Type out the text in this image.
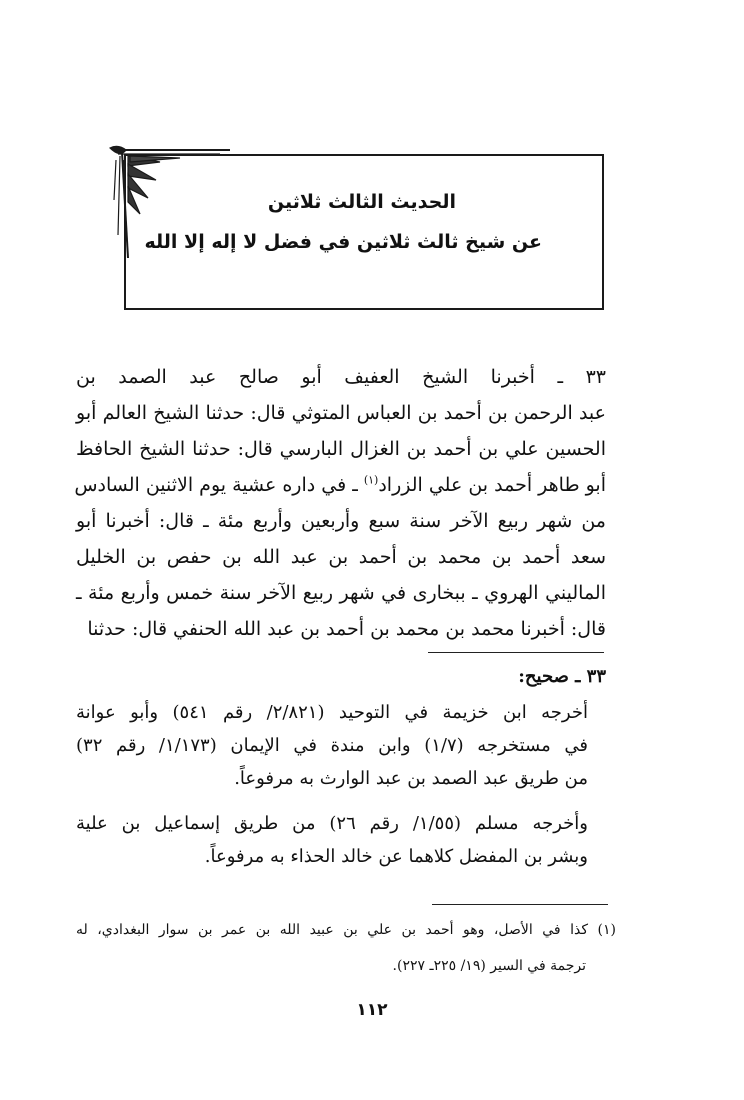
الحديث الثالث ثلاثين
عن شيخ ثالث ثلاثين في فضل لا إله إلا الله
٣٣ ـ أخبرنا الشيخ العفيف أبو صالح عبد الصمد بن
عبد الرحمن بن أحمد بن العباس المتوثي قال: حدثنا الشيخ العالم أبو
الحسين علي بن أحمد بن الغزال البارسي قال: حدثنا الشيخ الحافظ
أبو طاهر أحمد بن علي الزراد$^{(١)}$ ـ في داره عشية يوم الاثنين السادس
من شهر ربيع الآخر سنة سبع وأربعين وأربع مئة ـ قال: أخبرنا أبو
سعد أحمد بن محمد بن أحمد بن عبد الله بن حفص بن الخليل
الماليني الهروي ـ ببخارى في شهر ربيع الآخر سنة خمس وأربع مئة ـ
قال: أخبرنا محمد بن محمد بن أحمد بن عبد الله الحنفي قال: حدثنا
٣٣ ـ صحيح:
أخرجه ابن خزيمة في التوحيد (٢/٨٢١/ رقم ٥٤١) وأبو عوانة
في مستخرجه (١/٧) وابن مندة في الإيمان (١/١٧٣/ رقم ٣٢)
من طريق عبد الصمد بن عبد الوارث به مرفوعاً.
وأخرجه مسلم (١/٥٥/ رقم ٢٦) من طريق إسماعيل بن علية
وبشر بن المفضل كلاهما عن خالد الحذاء به مرفوعاً.
(١) كذا في الأصل، وهو أحمد بن علي بن عبيد الله بن عمر بن سوار البغدادي، له
ترجمة في السير (١٩/ ٢٢٥ـ ٢٢٧).
١١٢
